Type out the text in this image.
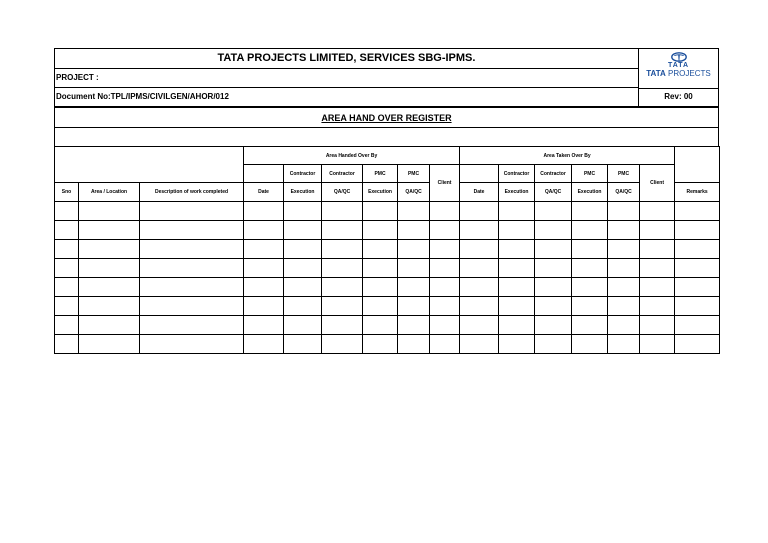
TATA
TATA PROJECTS
TATA PROJECTS LIMITED, SERVICES SBG-IPMS.
PROJECT :
Document No:TPL/IPMS/CIVILGEN/AHOR/012	Rev: 00
AREA HAND OVER REGISTER
			Area Handed Over By						Area Taken Over By						
				Contractor	Contractor	PMC	PMC	Client		Contractor	Contractor	PMC	PMC	Client	
Sno	Area / Location	Description of work completed	Date	Execution	QA/QC	Execution	QA/QC		Date	Execution	QA/QC	Execution	QA/QC		Remarks
